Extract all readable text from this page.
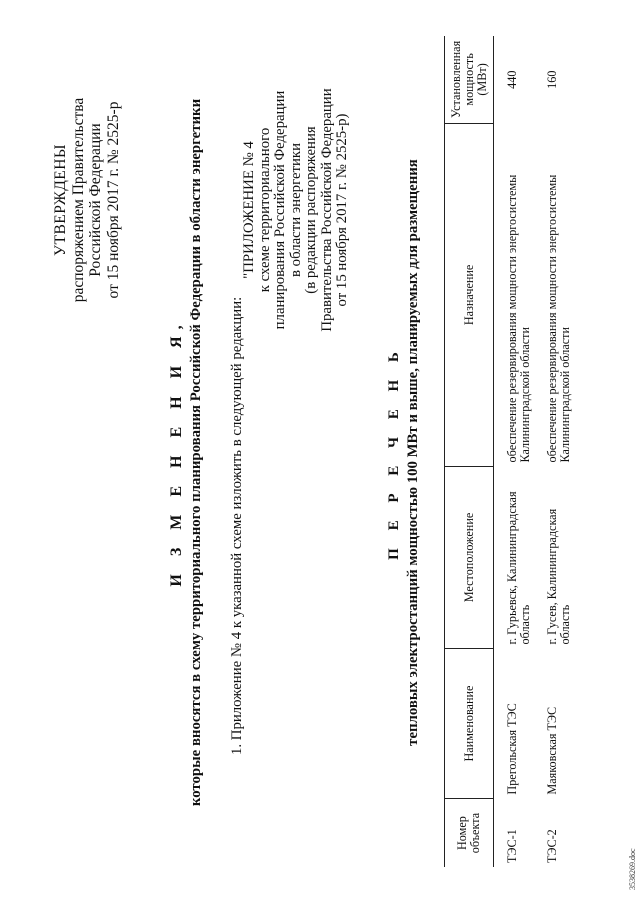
УТВЕРЖДЕНЫ распоряжением Правительства Российской Федерации от 15 ноября 2017 г. № 2525-р
И З М Е Н Е Н И Я, которые вносятся в схему территориального планирования Российской Федерации в области энергетики 1. Приложение № 4 к указанной схеме изложить в следующей редакции:
"ПРИЛОЖЕНИЕ № 4 к схеме территориального планирования Российской Федерации в области энергетики (в редакции распоряжения Правительства Российской Федерации от 15 ноября 2017 г. № 2525-р)
П Е Р Е Ч Е Н Ь тепловых электростанций мощностью 100 МВт и выше, планируемых для размещения
Номер объекта	Наименование	Местоположение	Назначение	Установленная мощность (МВт)
ТЭС-1	Прегольская ТЭС	г. Гурьевск, Калининградская область	обеспечение резервирования мощности энергосистемы Калининградской области	440
ТЭС-2	Маяковская ТЭС	г. Гусев, Калининградская область	обеспечение резервирования мощности энергосистемы Калининградской области	160
3538269.doc
